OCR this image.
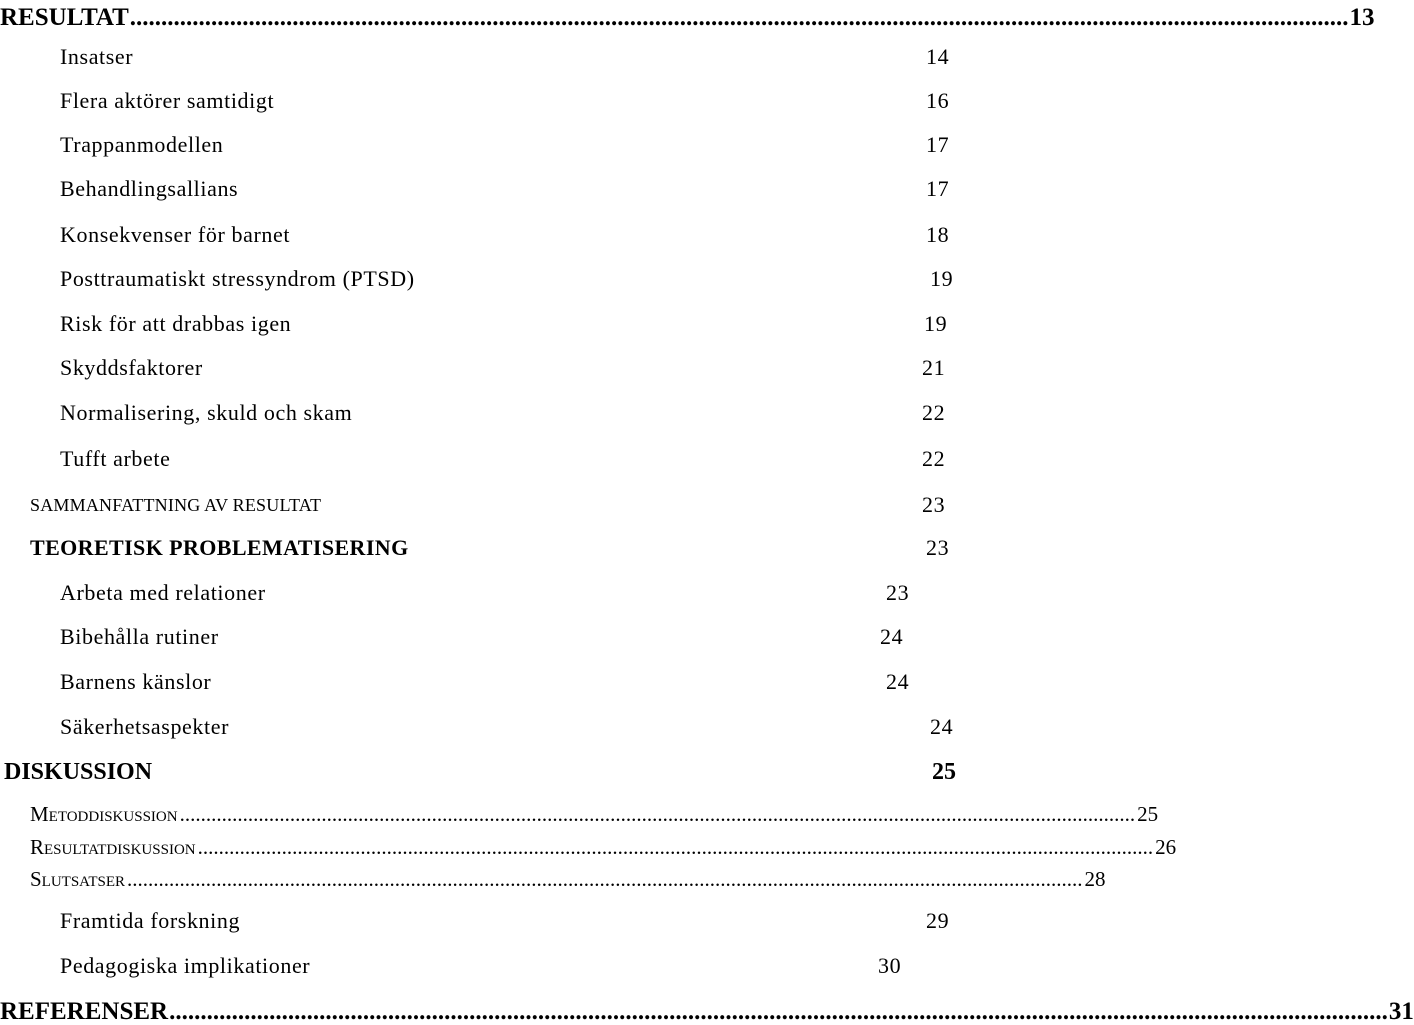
RESULTAT ................................................................................................................................................................................................... 13
Insatser	14
Flera aktörer samtidigt	16
Trappanmodellen	17
Behandlingsallians	17
Konsekvenser för barnet	18
Posttraumatiskt stressyndrom (PTSD)	19
Risk för att drabbas igen	19
Skyddsfaktorer	21
Normalisering, skuld och skam	22
Tufft arbete	22
SAMMANFATTNING AV RESULTAT	23
TEORETISK PROBLEMATISERING	23
Arbeta med relationer	23
Bibehålla rutiner	24
Barnens känslor	24
Säkerhetsaspekter	24
DISKUSSION	25
Metoddiskussion ...................................................................................................................................................................................... 25
Resultatdiskussion ...................................................................................................................................................................................... 26
Slutsatser ...................................................................................................................................................................................... 28
Framtida forskning	29
Pedagogiska implikationer	30
REFERENSER ................................................................................................................................................................................................... 31
